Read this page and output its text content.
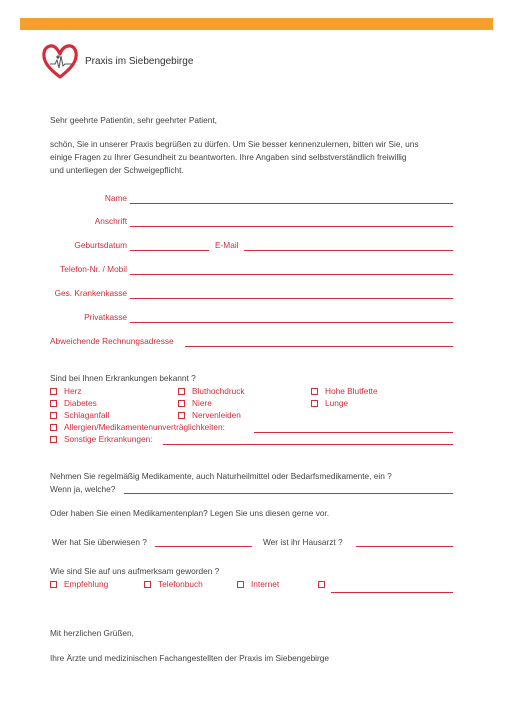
Praxis im Siebengebirge
Sehr geehrte Patientin, sehr geehrter Patient,
schön, Sie in unserer Praxis begrüßen zu dürfen. Um Sie besser kennenzulernen, bitten wir Sie, uns
einige Fragen zu Ihrer Gesundheit zu beantworten. Ihre Angaben sind selbstverständlich freiwillig
und unterliegen der Schweigepflicht.
Name
Anschrift
Geburtsdatum	E-Mail
Telefon-Nr. / Mobil
Ges. Krankenkasse
Privatkasse
Abweichende Rechnungsadresse
Sind bei Ihnen Erkrankungen bekannt ?
Herz	Bluthochdruck	Hohe Blutfette
Diabetes	Niere	Lunge
Schlaganfall	Nervenleiden
Allergien/Medikamentenunverträglichkeiten:
Sonstige Erkrankungen:
Nehmen Sie regelmäßig Medikamente, auch Naturheilmittel oder Bedarfsmedikamente, ein ?
Wenn ja, welche?
Oder haben Sie einen Medikamentenplan? Legen Sie uns diesen gerne vor.
Wer hat Sie überwiesen ?	Wer ist ihr Hausarzt ?
Wie sind Sie auf uns aufmerksam geworden ?
Empfehlung	Telefonbuch	Internet
Mit herzlichen Grüßen,
Ihre Ärzte und medizinischen Fachangestellten der Praxis im Siebengebirge
